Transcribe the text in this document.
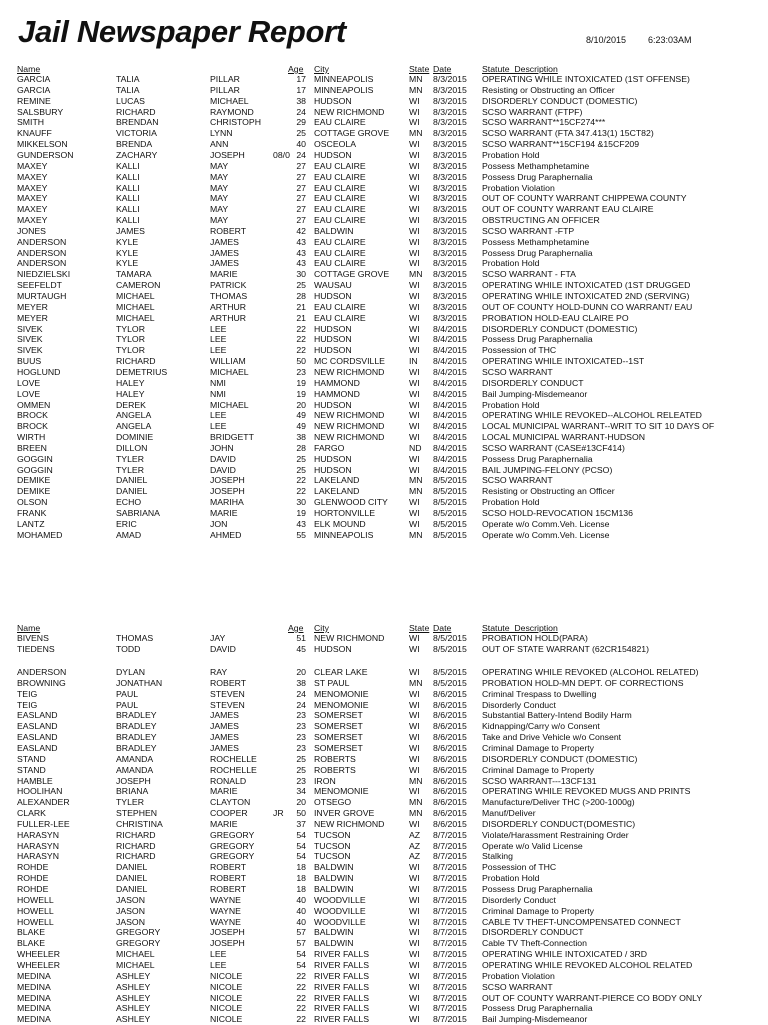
Jail Newspaper Report	8/10/2015 6:23:03AM
Name	Age City	State Date	Statute_Description
GARCIA	TALIA	PILLAR	17 MINNEAPOLIS	MN 8/3/2015 OPERATING WHILE INTOXICATED (1ST OFFENSE)
GARCIA	TALIA	PILLAR	17 MINNEAPOLIS	MN 8/3/2015 Resisting or Obstructing an Officer
REMINE	LUCAS	MICHAEL	38 HUDSON	WI 8/3/2015 DISORDERLY CONDUCT (DOMESTIC)
SALSBURY	RICHARD	RAYMOND	24 NEW RICHMOND	WI 8/3/2015 SCSO WARRANT (FTPF)
SMITH	BRENDAN	CHRISTOPH	29 EAU CLAIRE	WI 8/3/2015 SCSO WARRANT**15CF274***
KNAUFF	VICTORIA	LYNN	25 COTTAGE GROVE MN 8/3/2015 SCSO WARRANT (FTA 347.413(1) 15CT82)
MIKKELSON	BRENDA	ANN	40 OSCEOLA	WI 8/3/2015 SCSO WARRANT**15CF194 &15CF209
GUNDERSON	ZACHARY	JOSEPH	08/0 24 HUDSON	WI 8/3/2015 Probation Hold
MAXEY	KALLI	MAY	27 EAU CLAIRE	WI 8/3/2015 Possess Methamphetamine
MAXEY	KALLI	MAY	27 EAU CLAIRE	WI 8/3/2015 Possess Drug Paraphernalia
MAXEY	KALLI	MAY	27 EAU CLAIRE	WI 8/3/2015 Probation Violation
MAXEY	KALLI	MAY	27 EAU CLAIRE	WI 8/3/2015 OUT OF COUNTY WARRANT CHIPPEWA COUNTY
MAXEY	KALLI	MAY	27 EAU CLAIRE	WI 8/3/2015 OUT OF COUNTY WARRANT EAU CLAIRE
MAXEY	KALLI	MAY	27 EAU CLAIRE	WI 8/3/2015 OBSTRUCTING AN OFFICER
JONES	JAMES	ROBERT	42 BALDWIN	WI 8/3/2015 SCSO WARRANT -FTP
ANDERSON	KYLE	JAMES	43 EAU CLAIRE	WI 8/3/2015 Possess Methamphetamine
ANDERSON	KYLE	JAMES	43 EAU CLAIRE	WI 8/3/2015 Possess Drug Paraphernalia
ANDERSON	KYLE	JAMES	43 EAU CLAIRE	WI 8/3/2015 Probation Hold
NIEDZIELSKI	TAMARA	MARIE	30 COTTAGE GROVE MN 8/3/2015 SCSO WARRANT - FTA
SEEFELDT	CAMERON	PATRICK	25 WAUSAU	WI 8/3/2015 OPERATING WHILE INTOXICATED (1ST DRUGGED
MURTAUGH	MICHAEL	THOMAS	28 HUDSON	WI 8/3/2015 OPERATING WHILE INTOXICATED 2ND (SERVING)
MEYER	MICHAEL	ARTHUR	21 EAU CLAIRE	WI 8/3/2015 OUT OF COUNTY HOLD-DUNN CO WARRANT/ EAU
MEYER	MICHAEL	ARTHUR	21 EAU CLAIRE	WI 8/3/2015 PROBATION HOLD-EAU CLAIRE PO
SIVEK	TYLOR	LEE	22 HUDSON	WI 8/4/2015 DISORDERLY CONDUCT (DOMESTIC)
SIVEK	TYLOR	LEE	22 HUDSON	WI 8/4/2015 Possess Drug Paraphernalia
SIVEK	TYLOR	LEE	22 HUDSON	WI 8/4/2015 Possession of THC
BUUS	RICHARD	WILLIAM	50 MC CORDSVILLE	IN 8/4/2015 OPERATING WHILE INTOXICATED--1ST
HOGLUND	DEMETRIUS	MICHAEL	23 NEW RICHMOND	WI 8/4/2015 SCSO WARRANT
LOVE	HALEY	NMI	19 HAMMOND	WI 8/4/2015 DISORDERLY CONDUCT
LOVE	HALEY	NMI	19 HAMMOND	WI 8/4/2015 Bail Jumping-Misdemeanor
OMMEN	DEREK	MICHAEL	20 HUDSON	WI 8/4/2015 Probation Hold
BROCK	ANGELA	LEE	49 NEW RICHMOND	WI 8/4/2015 OPERATING WHILE REVOKED--ALCOHOL RELEATED
BROCK	ANGELA	LEE	49 NEW RICHMOND	WI 8/4/2015 LOCAL MUNICIPAL WARRANT--WRIT TO SIT 10 DAYS OF
WIRTH	DOMINIE	BRIDGETT	38 NEW RICHMOND	WI 8/4/2015 LOCAL MUNICIPAL WARRANT-HUDSON
BREEN	DILLON	JOHN	28 FARGO	ND 8/4/2015 SCSO WARRANT (CASE#13CF414)
GOGGIN	TYLER	DAVID	25 HUDSON	WI 8/4/2015 Possess Drug Paraphernalia
GOGGIN	TYLER	DAVID	25 HUDSON	WI 8/4/2015 BAIL JUMPING-FELONY (PCSO)
DEMIKE	DANIEL	JOSEPH	22 LAKELAND	MN 8/5/2015 SCSO WARRANT
DEMIKE	DANIEL	JOSEPH	22 LAKELAND	MN 8/5/2015 Resisting or Obstructing an Officer
OLSON	ECHO	MARIHA	30 GLENWOOD CITY WI 8/5/2015 Probation Hold
FRANK	SABRIANA	MARIE	19 HORTONVILLE	WI 8/5/2015 SCSO HOLD-REVOCATION 15CM136
LANTZ	ERIC	JON	43 ELK MOUND	WI 8/5/2015 Operate w/o Comm.Veh. License
MOHAMED	AMAD	AHMED	55 MINNEAPOLIS	MN 8/5/2015 Operate w/o Comm.Veh. License
Name	Age City	State Date	Statute_Description
BIVENS	THOMAS	JAY	51 NEW RICHMOND	WI 8/5/2015 PROBATION HOLD(PARA)
TIEDENS	TODD	DAVID	45 HUDSON	WI 8/5/2015 OUT OF STATE WARRANT (62CR154821)
ANDERSON	DYLAN	RAY	20 CLEAR LAKE	WI 8/5/2015 OPERATING WHILE REVOKED (ALCOHOL RELATED)
BROWNING	JONATHAN	ROBERT	38 ST PAUL	MN 8/5/2015 PROBATION HOLD-MN DEPT. OF CORRECTIONS
TEIG	PAUL	STEVEN	24 MENOMONIE	WI 8/6/2015 Criminal Trespass to Dwelling
TEIG	PAUL	STEVEN	24 MENOMONIE	WI 8/6/2015 Disorderly Conduct
EASLAND	BRADLEY	JAMES	23 SOMERSET	WI 8/6/2015 Substantial Battery-Intend Bodily Harm
EASLAND	BRADLEY	JAMES	23 SOMERSET	WI 8/6/2015 Kidnapping/Carry w/o Consent
EASLAND	BRADLEY	JAMES	23 SOMERSET	WI 8/6/2015 Take and Drive Vehicle w/o Consent
EASLAND	BRADLEY	JAMES	23 SOMERSET	WI 8/6/2015 Criminal Damage to Property
STAND	AMANDA	ROCHELLE	25 ROBERTS	WI 8/6/2015 DISORDERLY CONDUCT (DOMESTIC)
STAND	AMANDA	ROCHELLE	25 ROBERTS	WI 8/6/2015 Criminal Damage to Property
HAMBLE	JOSEPH	RONALD	23 IRON	MN 8/6/2015 SCSO WARRANT---13CF131
HOOLIHAN	BRIANA	MARIE	34 MENOMONIE	WI 8/6/2015 OPERATING WHILE REVOKED MUGS AND PRINTS
ALEXANDER	TYLER	CLAYTON	20 OTSEGO	MN 8/6/2015 Manufacture/Deliver THC (>200-1000g)
CLARK	STEPHEN	COOPER	JR	50 INVER GROVE	MN 8/6/2015 Manuf/Deliver
FULLER-LEE	CHRISTINA	MARIE	37 NEW RICHMOND	WI 8/6/2015 DISORDERLY CONDUCT(DOMESTIC)
HARASYN	RICHARD	GREGORY	54 TUCSON	AZ 8/7/2015 Violate/Harassment Restraining Order
HARASYN	RICHARD	GREGORY	54 TUCSON	AZ 8/7/2015 Operate w/o Valid License
HARASYN	RICHARD	GREGORY	54 TUCSON	AZ 8/7/2015 Stalking
ROHDE	DANIEL	ROBERT	18 BALDWIN	WI 8/7/2015 Possession of THC
ROHDE	DANIEL	ROBERT	18 BALDWIN	WI 8/7/2015 Probation Hold
ROHDE	DANIEL	ROBERT	18 BALDWIN	WI 8/7/2015 Possess Drug Paraphernalia
HOWELL	JASON	WAYNE	40 WOODVILLE	WI 8/7/2015 Disorderly Conduct
HOWELL	JASON	WAYNE	40 WOODVILLE	WI 8/7/2015 Criminal Damage to Property
HOWELL	JASON	WAYNE	40 WOODVILLE	WI 8/7/2015 CABLE TV THEFT-UNCOMPENSATED CONNECT
BLAKE	GREGORY	JOSEPH	57 BALDWIN	WI 8/7/2015 DISORDERLY CONDUCT
BLAKE	GREGORY	JOSEPH	57 BALDWIN	WI 8/7/2015 Cable TV Theft-Connection
WHEELER	MICHAEL	LEE	54 RIVER FALLS	WI 8/7/2015 OPERATING WHILE INTOXICATED / 3RD
WHEELER	MICHAEL	LEE	54 RIVER FALLS	WI 8/7/2015 OPERATING WHILE REVOKED ALCOHOL RELATED
MEDINA	ASHLEY	NICOLE	22 RIVER FALLS	WI 8/7/2015 Probation Violation
MEDINA	ASHLEY	NICOLE	22 RIVER FALLS	WI 8/7/2015 SCSO WARRANT
MEDINA	ASHLEY	NICOLE	22 RIVER FALLS	WI 8/7/2015 OUT OF COUNTY WARRANT-PIERCE CO BODY ONLY
MEDINA	ASHLEY	NICOLE	22 RIVER FALLS	WI 8/7/2015 Possess Drug Paraphernalia
MEDINA	ASHLEY	NICOLE	22 RIVER FALLS	WI 8/7/2015 Bail Jumping-Misdemeanor
